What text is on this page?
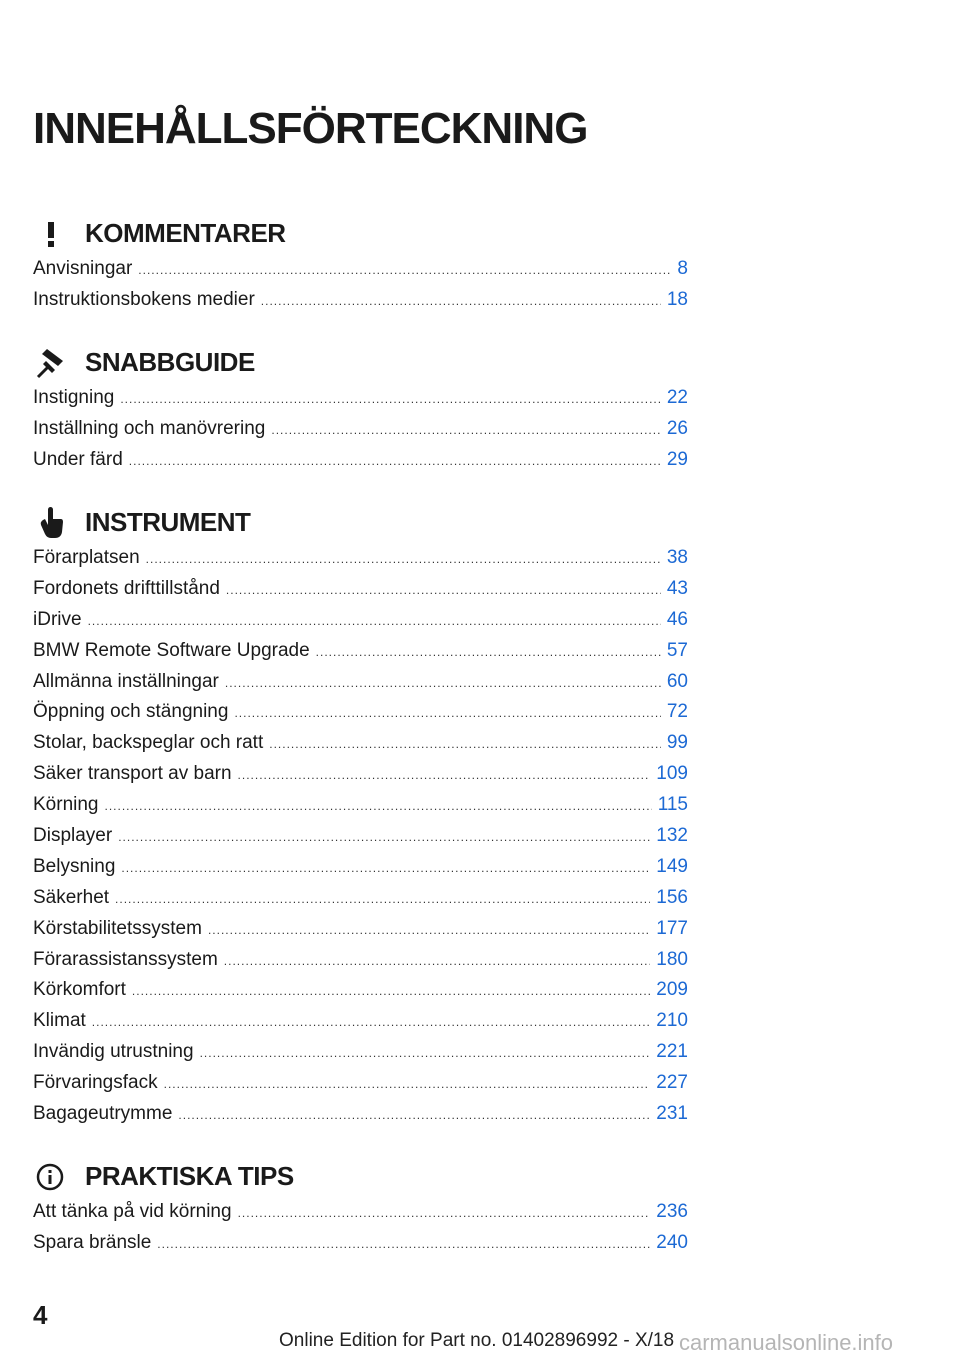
INNEHÅLLSFÖRTECKNING
KOMMENTARER
Anvisningar .....	8
Instruktionsbokens medier .....	18
SNABBGUIDE
Instigning .....	22
Inställning och manövrering .....	26
Under färd .....	29
INSTRUMENT
Förarplatsen .....	38
Fordonets drifttillstånd .....	43
iDrive .....	46
BMW Remote Software Upgrade .....	57
Allmänna inställningar .....	60
Öppning och stängning .....	72
Stolar, backspeglar och ratt .....	99
Säker transport av barn .....	109
Körning .....	115
Displayer .....	132
Belysning .....	149
Säkerhet .....	156
Körstabilitetssystem .....	177
Förarassistanssystem .....	180
Körkomfort .....	209
Klimat .....	210
Invändig utrustning .....	221
Förvaringsfack .....	227
Bagageutrymme .....	231
PRAKTISKA TIPS
Att tänka på vid körning .....	236
Spara bränsle .....	240
4
Online Edition for Part no. 01402896992 - X/18 carmanualsonline.info
